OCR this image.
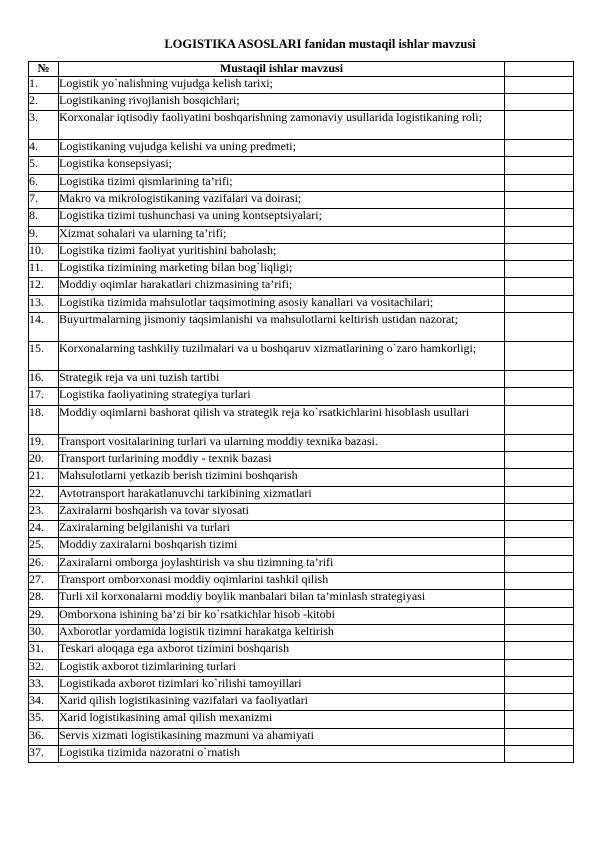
LOGISTIKA ASOSLARI fanidan mustaqil ishlar mavzusi
№	Mustaqil ishlar mavzusi	
1.	Logistik yo`nalishning vujudga kelish tarixi;	
2.	Logistikaning rivojlanish bosqichlari;	
3.	Korxonalar iqtisodiy faoliyatini boshqarishning zamonaviy usullarida logistikaning roli;	
4.	Logistikaning vujudga kelishi va uning predmeti;	
5.	Logistika konsepsiyasi;	
6.	Logistika tizimi qismlarining ta’rifi;	
7.	Makro va mikrologistikaning vazifalari va doirasi;	
8.	Logistika tizimi tushunchasi va uning kontseptsiyalari;	
9.	Xizmat sohalari va ularning ta’rifi;	
10.	Logistika tizimi faoliyat yuritishini baholash;	
11.	Logistika tizimining marketing bilan bog`liqligi;	
12.	Moddiy oqimlar harakatlari chizmasining ta’rifi;	
13.	Logistika tizimida mahsulotlar taqsimotining asosiy kanallari va vositachilari;	
14.	Buyurtmalarning jismoniy taqsimlanishi va mahsulotlarni keltirish ustidan nazorat;	
15.	Korxonalarning tashkiliy tuzilmalari va u boshqaruv xizmatlarining o`zaro hamkorligi;	
16.	Strategik reja va uni tuzish tartibi	
17.	Logistika faoliyatining strategiya turlari	
18.	Moddiy oqimlarni bashorat qilish va strategik reja ko`rsatkichlarini hisoblash usullari	
19.	Transport vositalarining turlari va ularning moddiy texnika bazasi.	
20.	Transport turlarining moddiy - texnik bazasi	
21.	Mahsulotlarni yetkazib berish tizimini boshqarish	
22.	Avtotransport harakatlanuvchi tarkibining xizmatlari	
23.	Zaxiralarni boshqarish va tovar siyosati	
24.	Zaxiralarning belgilanishi va turlari	
25.	Moddiy zaxiralarni boshqarish tizimi	
26.	Zaxiralarni omborga joylashtirish va shu tizimning ta’rifi	
27.	Transport omborxonasi moddiy oqimlarini tashkil qilish	
28.	Turli xil korxonalarni moddiy boylik manbalari bilan ta’minlash strategiyasi	
29.	Omborxona ishining ba’zi bir ko`rsatkichlar hisob -kitobi	
30.	Axborotlar yordamida logistik tizimni harakatga keltirish	
31.	Teskari aloqaga ega axborot tizimini boshqarish	
32.	Logistik axborot tizimlarining turlari	
33.	Logistikada axborot tizimlari ko`rilishi tamoyillari	
34.	Xarid qilish logistikasining vazifalari va faoliyatlari	
35.	Xarid logistikasining amal qilish mexanizmi	
36.	Servis xizmati logistikasining mazmuni va ahamiyati	
37.	Logistika tizimida nazoratni o`rnatish	
